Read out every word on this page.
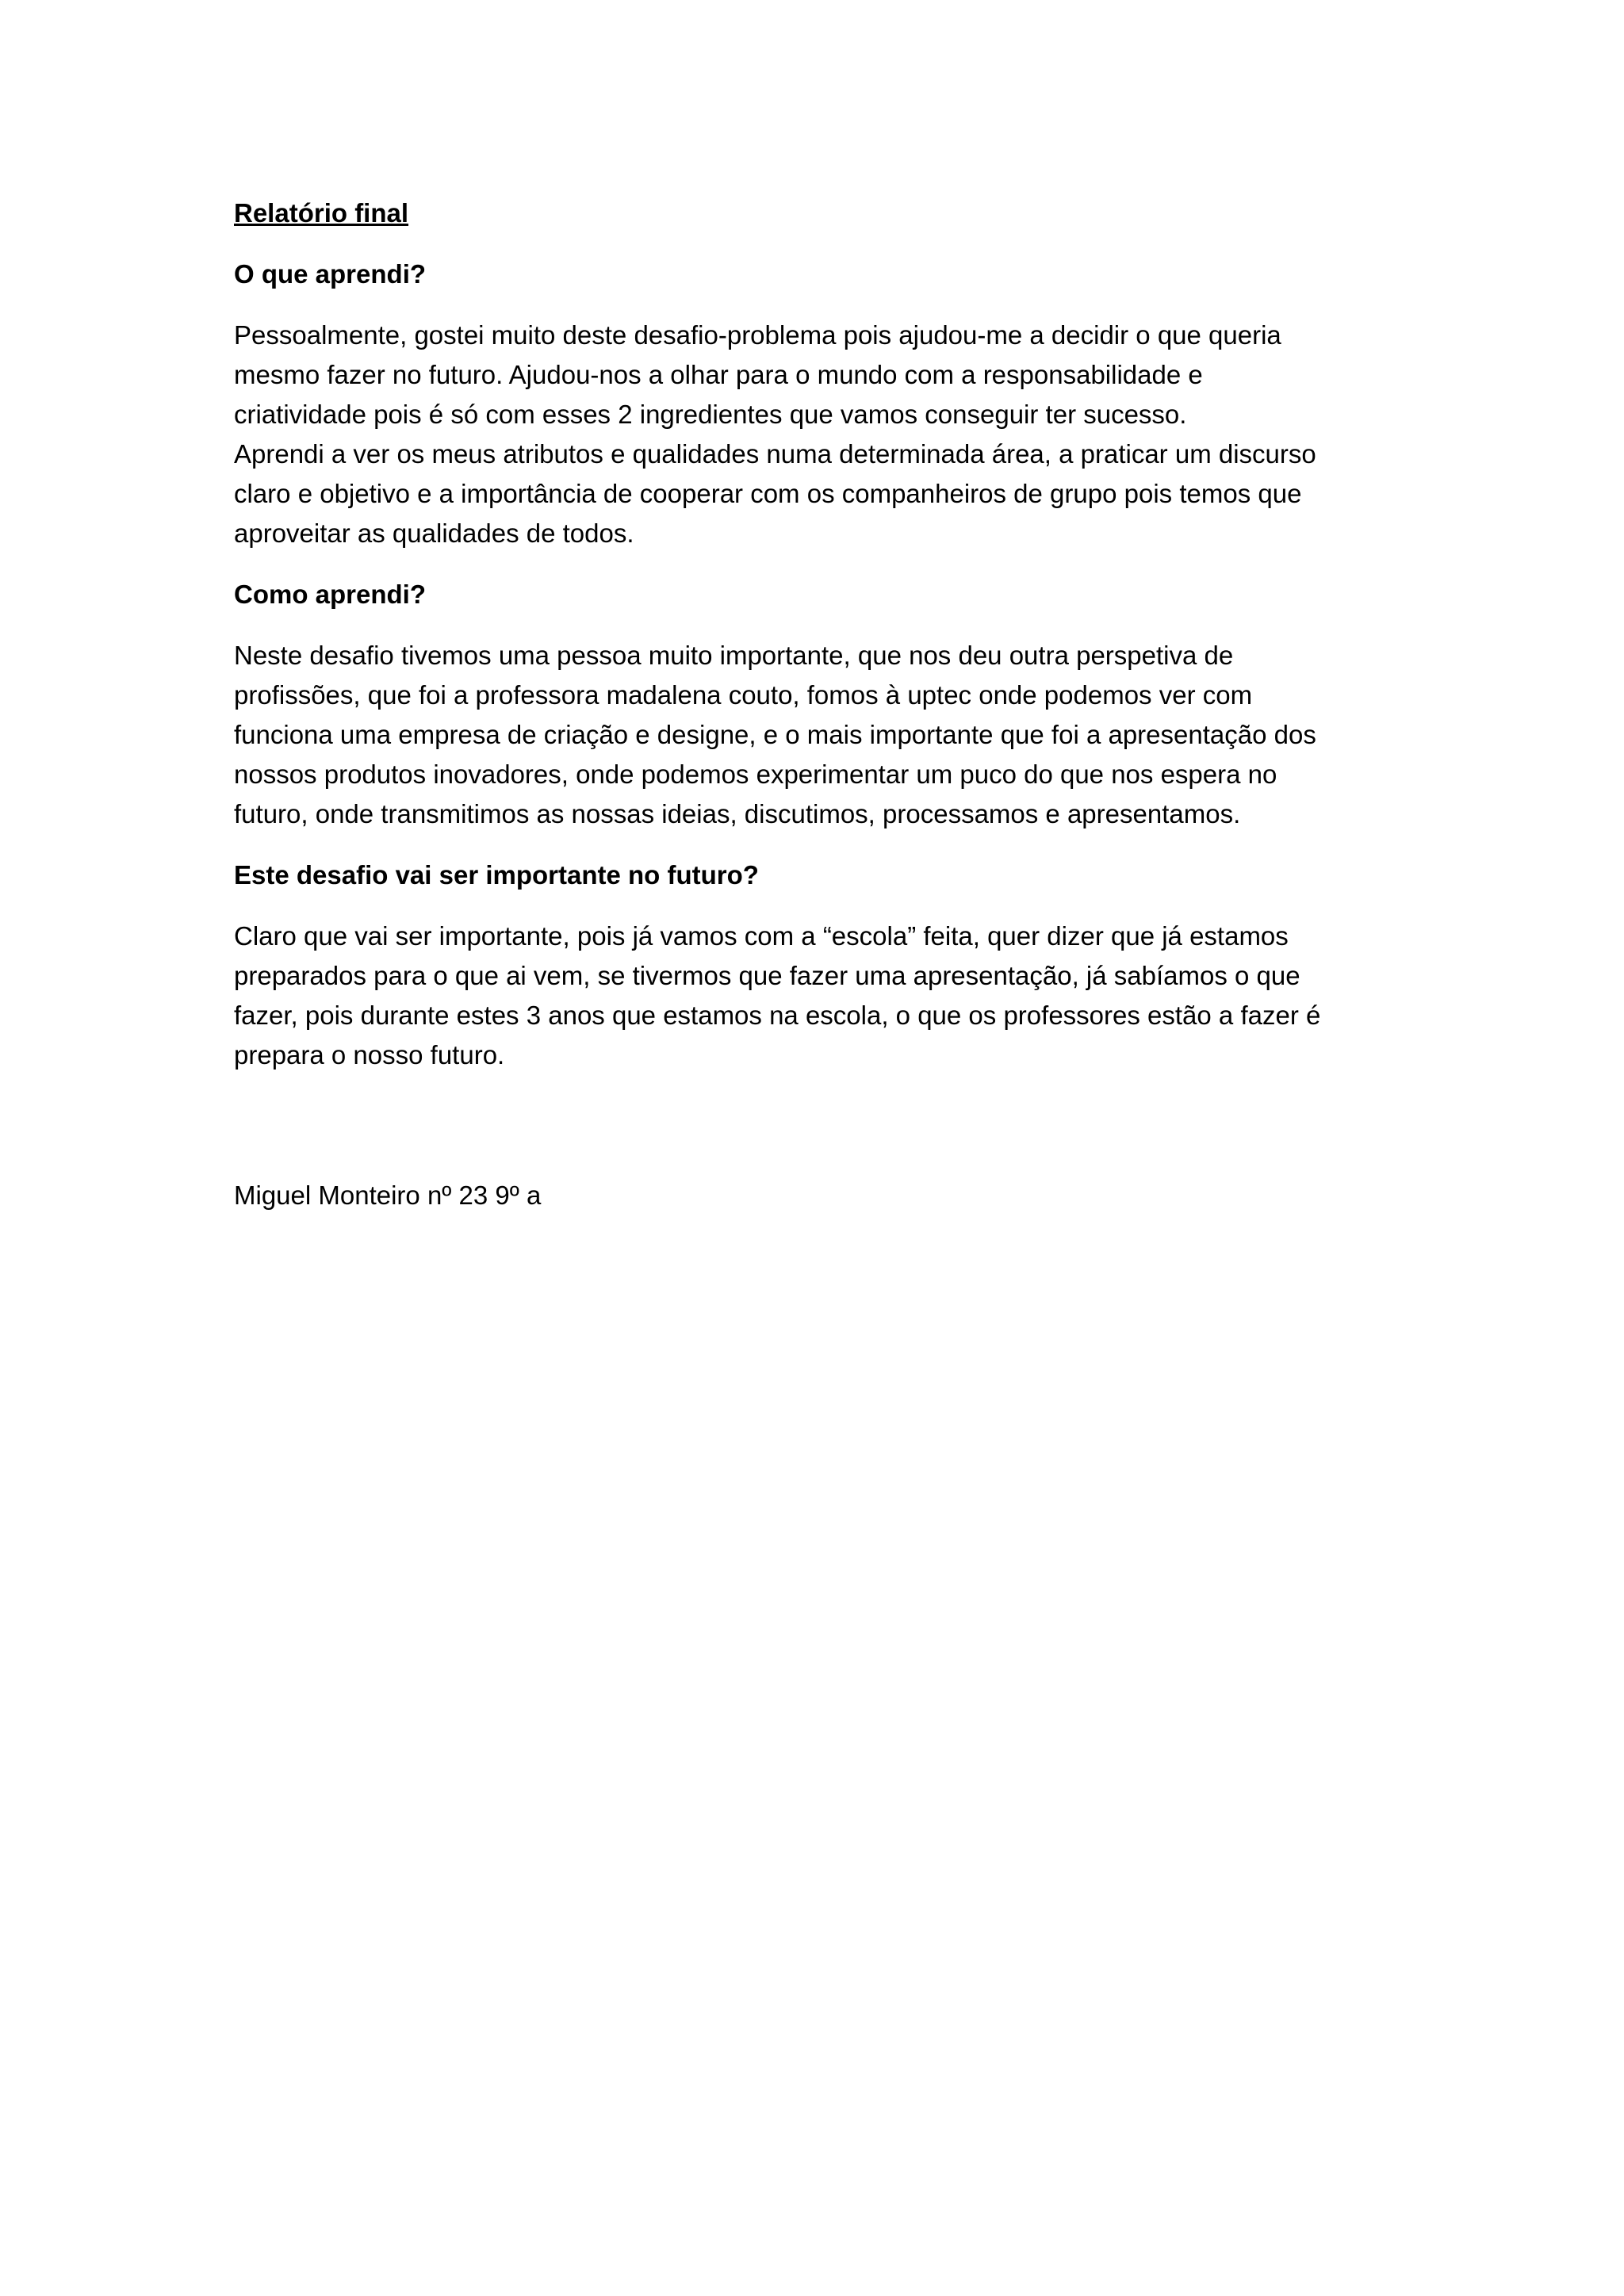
Relatório final
O que aprendi?
Pessoalmente, gostei muito deste desafio-problema pois ajudou-me a decidir o que queria
mesmo fazer no futuro. Ajudou-nos a olhar para o mundo com a responsabilidade e
criatividade pois é só com esses 2 ingredientes que vamos conseguir ter sucesso.
Aprendi a ver os meus atributos e qualidades numa determinada área, a praticar um discurso
claro e objetivo e a importância de cooperar com os companheiros de grupo pois temos que
aproveitar as qualidades de todos.
Como aprendi?
Neste desafio tivemos uma pessoa muito importante, que nos deu outra perspetiva de
profissões, que foi a professora madalena couto, fomos à uptec onde podemos ver com
funciona uma empresa de criação e designe, e o mais importante que foi a apresentação dos
nossos produtos inovadores, onde podemos experimentar um puco do que nos espera no
futuro, onde transmitimos as nossas ideias, discutimos, processamos e apresentamos.
Este desafio vai ser importante no futuro?
Claro que vai ser importante, pois já vamos com a “escola” feita, quer dizer que já estamos
preparados para o que ai vem, se tivermos que fazer uma apresentação, já sabíamos o que
fazer, pois durante estes 3 anos que estamos na escola, o que os professores estão a fazer é
prepara o nosso futuro.
Miguel Monteiro nº 23 9º a
